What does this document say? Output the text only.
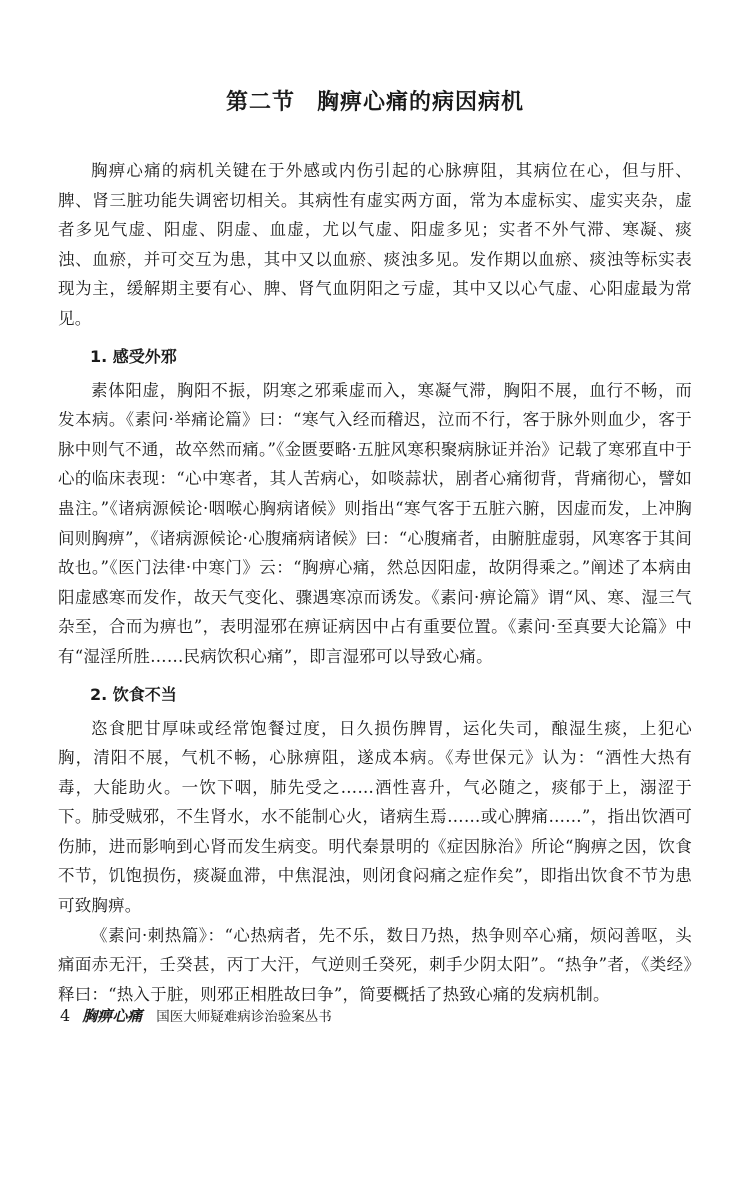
第二节 胸痹心痛的病因病机

胸痹心痛的病机关键在于外感或内伤引起的心脉痹阻，其病位在心，但与肝、脾、肾三脏功能失调密切相关。其病性有虚实两方面，常为本虚标实、虚实夹杂，虚者多见气虚、阳虚、阴虚、血虚，尤以气虚、阳虚多见；实者不外气滞、寒凝、痰浊、血瘀，并可交互为患，其中又以血瘀、痰浊多见。发作期以血瘀、痰浊等标实表现为主，缓解期主要有心、脾、肾气血阴阳之亏虚，其中又以心气虚、心阳虚最为常见。

1. 感受外邪

素体阳虚，胸阳不振，阴寒之邪乘虚而入，寒凝气滞，胸阳不展，血行不畅，而发本病。《素问·举痛论篇》曰：“寒气入经而稽迟，泣而不行，客于脉外则血少，客于脉中则气不通，故卒然而痛。”《金匮要略·五脏风寒积聚病脉证并治》记载了寒邪直中于心的临床表现：“心中寒者，其人苦病心，如啖蒜状，剧者心痛彻背，背痛彻心，譬如蛊注。”《诸病源候论·咽喉心胸病诸候》则指出“寒气客于五脏六腑，因虚而发，上冲胸间则胸痹”，《诸病源候论·心腹痛病诸候》曰：“心腹痛者，由腑脏虚弱，风寒客于其间故也。”《医门法律·中寒门》云：“胸痹心痛，然总因阳虚，故阴得乘之。”阐述了本病由阳虚感寒而发作，故天气变化、骤遇寒凉而诱发。《素问·痹论篇》谓“风、寒、湿三气杂至，合而为痹也”，表明湿邪在痹证病因中占有重要位置。《素问·至真要大论篇》中有“湿淫所胜……民病饮积心痛”，即言湿邪可以导致心痛。

2. 饮食不当

恣食肥甘厚味或经常饱餐过度，日久损伤脾胃，运化失司，酿湿生痰，上犯心胸，清阳不展，气机不畅，心脉痹阻，遂成本病。《寿世保元》认为：“酒性大热有毒，大能助火。一饮下咽，肺先受之……酒性喜升，气必随之，痰郁于上，溺涩于下。肺受贼邪，不生肾水，水不能制心火，诸病生焉……或心脾痛……”，指出饮酒可伤肺，进而影响到心肾而发生病变。明代秦景明的《症因脉治》所论“胸痹之因，饮食不节，饥饱损伤，痰凝血滞，中焦混浊，则闭食闷痛之症作矣”，即指出饮食不节为患可致胸痹。

《素问·刺热篇》：“心热病者，先不乐，数日乃热，热争则卒心痛，烦闷善呕，头痛面赤无汗，壬癸甚，丙丁大汗，气逆则壬癸死，刺手少阴太阳”。“热争”者，《类经》释曰：“热入于脏，则邪正相胜故曰争”，简要概括了热致心痛的发病机制。

4 胸痹心痛 国医大师疑难病诊治验案丛书
